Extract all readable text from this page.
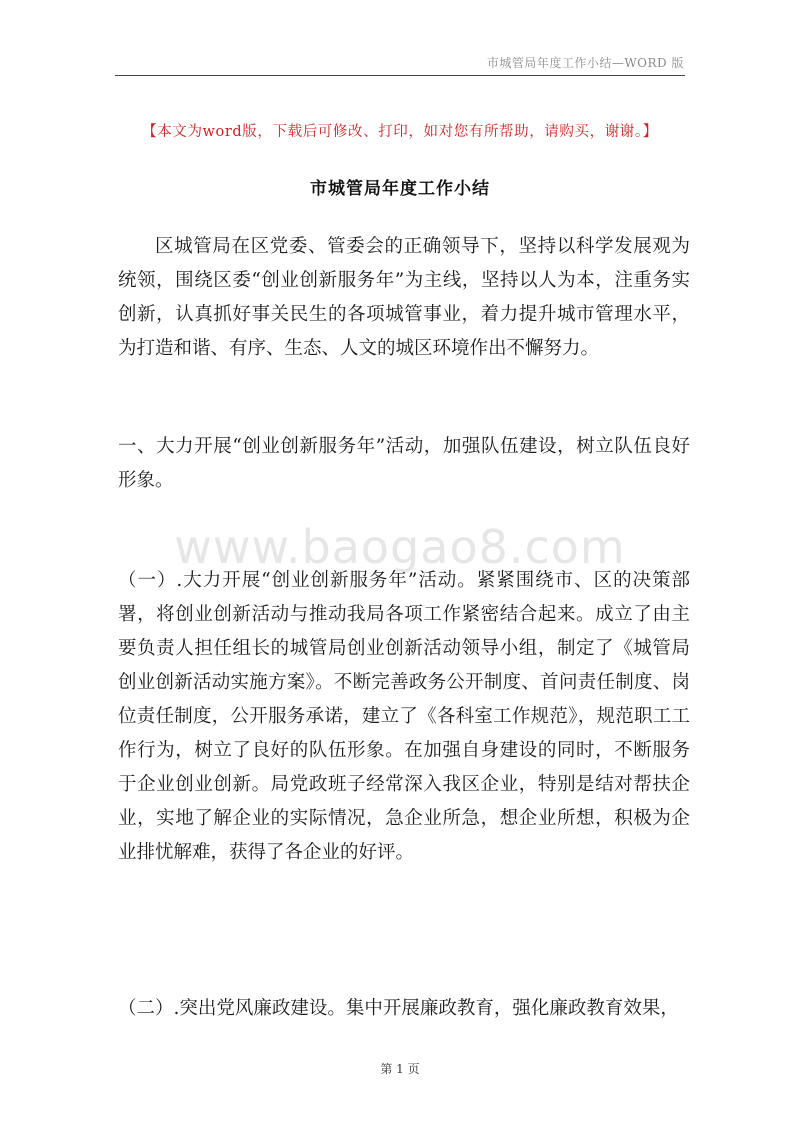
市城管局年度工作小结—WORD 版
【本文为word版，下载后可修改、打印，如对您有所帮助，请购买，谢谢。】
市城管局年度工作小结

区城管局在区党委、管委会的正确领导下，坚持以科学发展观为统领，围绕区委“创业创新服务年”为主线，坚持以人为本，注重务实创新，认真抓好事关民生的各项城管事业，着力提升城市管理水平，为打造和谐、有序、生态、人文的城区环境作出不懈努力。

一、大力开展“创业创新服务年”活动，加强队伍建设，树立队伍良好形象。

www.baogao8.com

（一）.大力开展“创业创新服务年”活动。紧紧围绕市、区的决策部署，将创业创新活动与推动我局各项工作紧密结合起来。成立了由主要负责人担任组长的城管局创业创新活动领导小组，制定了《城管局创业创新活动实施方案》。不断完善政务公开制度、首问责任制度、岗位责任制度，公开服务承诺，建立了《各科室工作规范》，规范职工工作行为，树立了良好的队伍形象。在加强自身建设的同时，不断服务于企业创业创新。局党政班子经常深入我区企业，特别是结对帮扶企业，实地了解企业的实际情况，急企业所急，想企业所想，积极为企业排忧解难，获得了各企业的好评。

（二）.突出党风廉政建设。集中开展廉政教育，强化廉政教育效果，

第 1 页
